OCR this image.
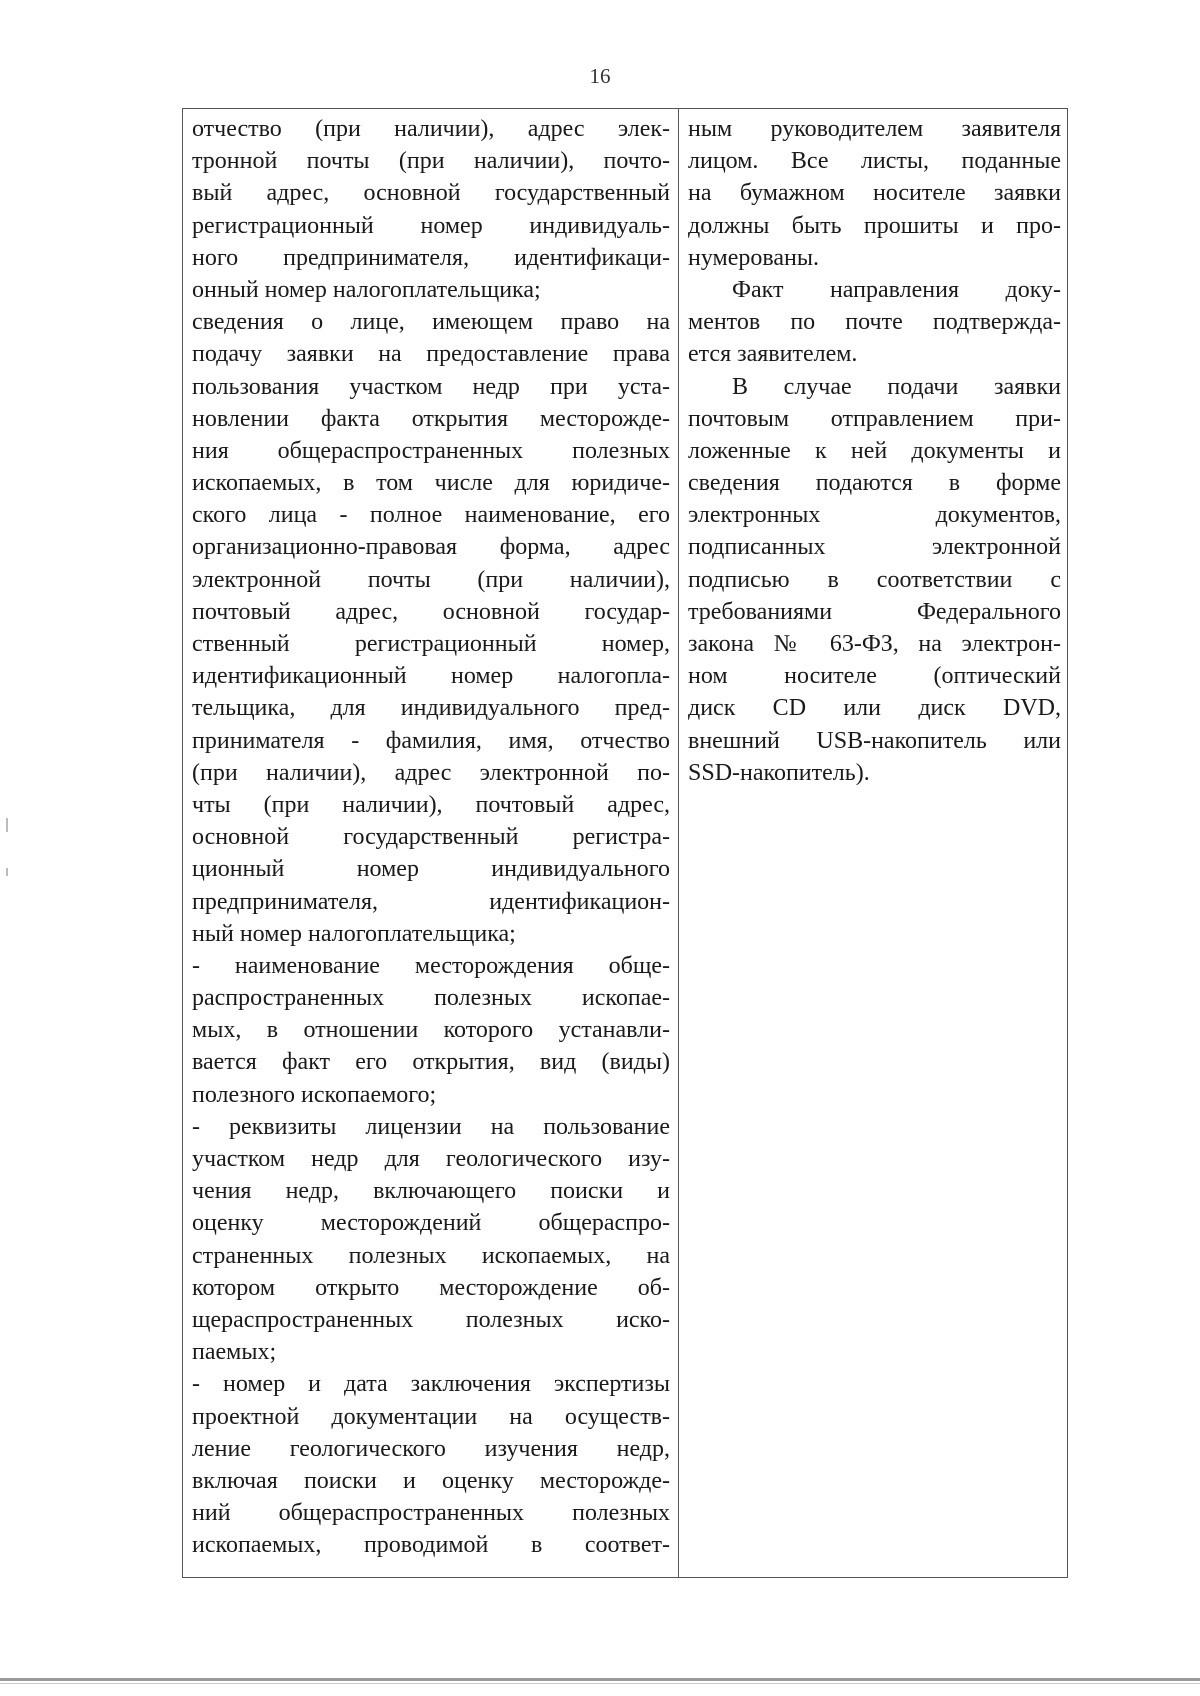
16
отчество (при наличии), адрес элек-
тронной почты (при наличии), почто-
вый адрес, основной государственный
регистрационный номер индивидуаль-
ного предпринимателя, идентификаци-
онный номер налогоплательщика;
сведения о лице, имеющем право на
подачу заявки на предоставление права
пользования участком недр при уста-
новлении факта открытия месторожде-
ния общераспространенных полезных
ископаемых, в том числе для юридиче-
ского лица - полное наименование, его
организационно-правовая форма, адрес
электронной почты (при наличии),
почтовый адрес, основной государ-
ственный регистрационный номер,
идентификационный номер налогопла-
тельщика, для индивидуального пред-
принимателя - фамилия, имя, отчество
(при наличии), адрес электронной по-
чты (при наличии), почтовый адрес,
основной государственный регистра-
ционный номер индивидуального
предпринимателя, идентификацион-
ный номер налогоплательщика;
- наименование месторождения обще-
распространенных полезных ископае-
мых, в отношении которого устанавли-
вается факт его открытия, вид (виды)
полезного ископаемого;
- реквизиты лицензии на пользование
участком недр для геологического изу-
чения недр, включающего поиски и
оценку месторождений общераспро-
страненных полезных ископаемых, на
котором открыто месторождение об-
щераспространенных полезных иско-
паемых;
- номер и дата заключения экспертизы
проектной документации на осуществ-
ление геологического изучения недр,
включая поиски и оценку месторожде-
ний общераспространенных полезных
ископаемых, проводимой в соответ-
ным руководителем заявителя
лицом. Все листы, поданные
на бумажном носителе заявки
должны быть прошиты и про-
нумерованы.
Факт направления доку-
ментов по почте подтвержда-
ется заявителем.
В случае подачи заявки
почтовым отправлением при-
ложенные к ней документы и
сведения подаются в форме
электронных документов,
подписанных электронной
подписью в соответствии с
требованиями Федерального
закона № 63-ФЗ, на электрон-
ном носителе (оптический
диск CD или диск DVD,
внешний USB-накопитель или
SSD-накопитель).
